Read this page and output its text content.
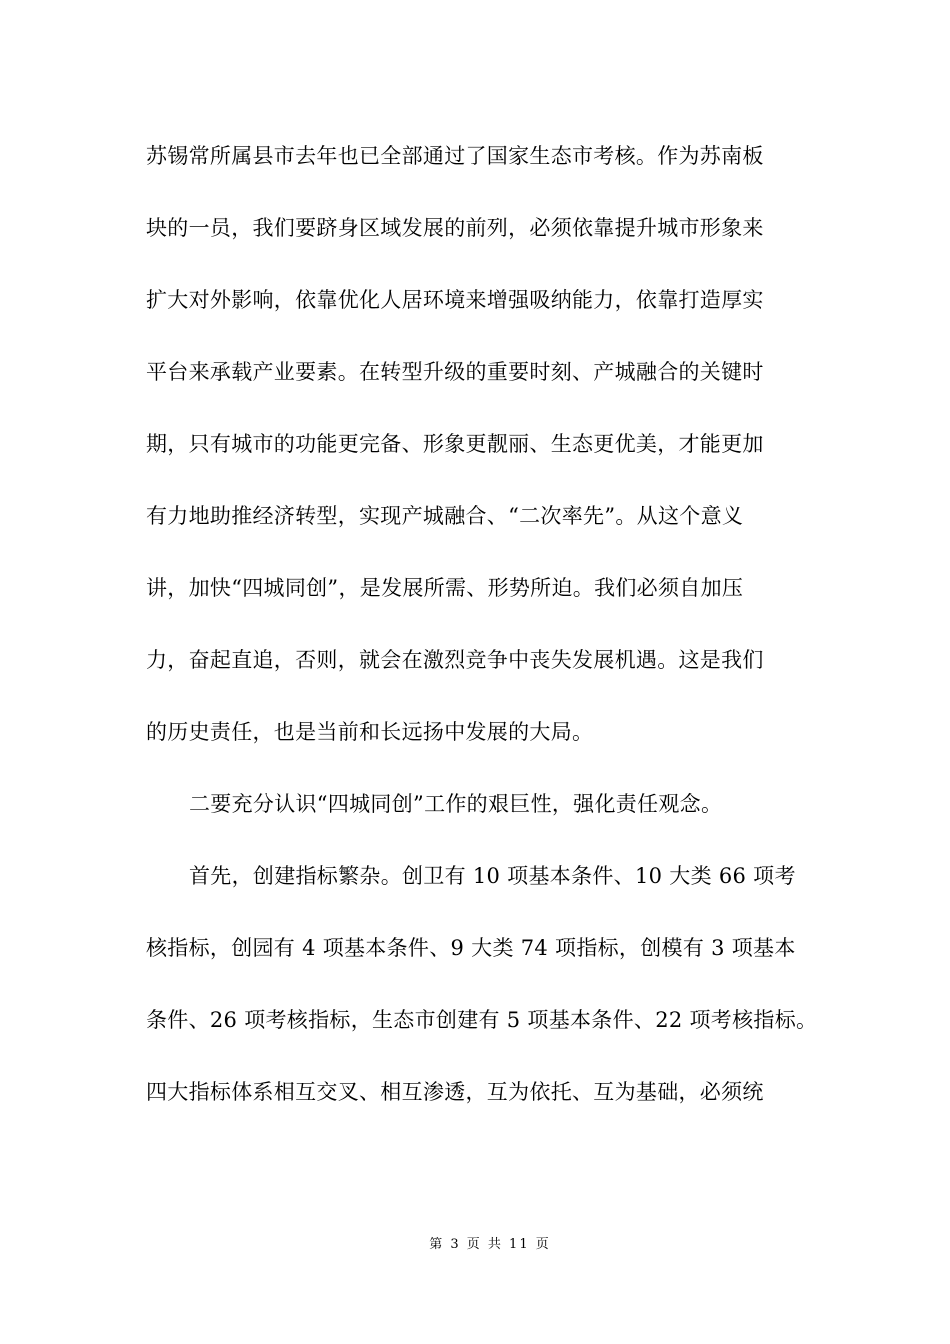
苏锡常所属县市去年也已全部通过了国家生态市考核。作为苏南板
块的一员，我们要跻身区域发展的前列，必须依靠提升城市形象来
扩大对外影响，依靠优化人居环境来增强吸纳能力，依靠打造厚实
平台来承载产业要素。在转型升级的重要时刻、产城融合的关键时
期，只有城市的功能更完备、形象更靓丽、生态更优美，才能更加
有力地助推经济转型，实现产城融合、“二次率先”。从这个意义
讲，加快“四城同创”，是发展所需、形势所迫。我们必须自加压
力，奋起直追，否则，就会在激烈竞争中丧失发展机遇。这是我们
的历史责任，也是当前和长远扬中发展的大局。
二要充分认识“四城同创”工作的艰巨性，强化责任观念。
首先，创建指标繁杂。创卫有 10 项基本条件、10 大类 66 项考
核指标，创园有 4 项基本条件、9 大类 74 项指标，创模有 3 项基本
条件、26 项考核指标，生态市创建有 5 项基本条件、22 项考核指标。
四大指标体系相互交叉、相互渗透，互为依托、互为基础，必须统
第 3 页 共 11 页
